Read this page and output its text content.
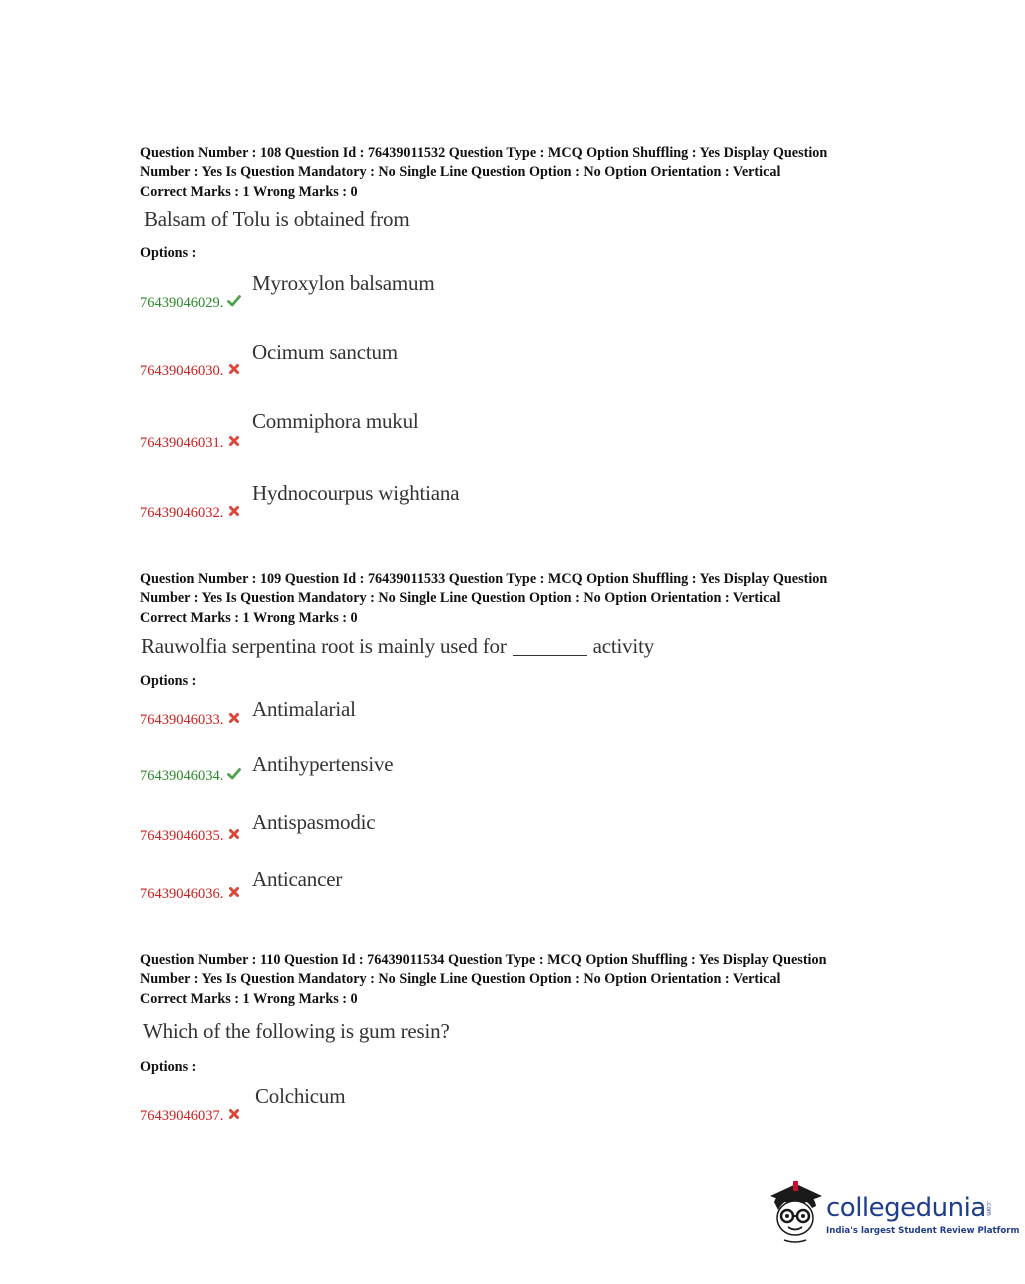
Question Number : 108 Question Id : 76439011532 Question Type : MCQ Option Shuffling : Yes Display Question
Number : Yes Is Question Mandatory : No Single Line Question Option : No Option Orientation : Vertical
Correct Marks : 1 Wrong Marks : 0
Balsam of Tolu is obtained from
Options :
Myroxylon balsamum
76439046029.
Ocimum sanctum
76439046030.
Commiphora mukul
76439046031.
Hydnocourpus wightiana
76439046032.
Question Number : 109 Question Id : 76439011533 Question Type : MCQ Option Shuffling : Yes Display Question
Number : Yes Is Question Mandatory : No Single Line Question Option : No Option Orientation : Vertical
Correct Marks : 1 Wrong Marks : 0
Rauwolfia serpentina root is mainly used for	activity
Options :
Antimalarial
76439046033.
Antihypertensive
76439046034.
Antispasmodic
76439046035.
Anticancer
76439046036.
Question Number : 110 Question Id : 76439011534 Question Type : MCQ Option Shuffling : Yes Display Question
Number : Yes Is Question Mandatory : No Single Line Question Option : No Option Orientation : Vertical
Correct Marks : 1 Wrong Marks : 0
Which of the following is gum resin?
Options :
Colchicum
76439046037.
collegedunia .com
India's largest Student Review Platform
